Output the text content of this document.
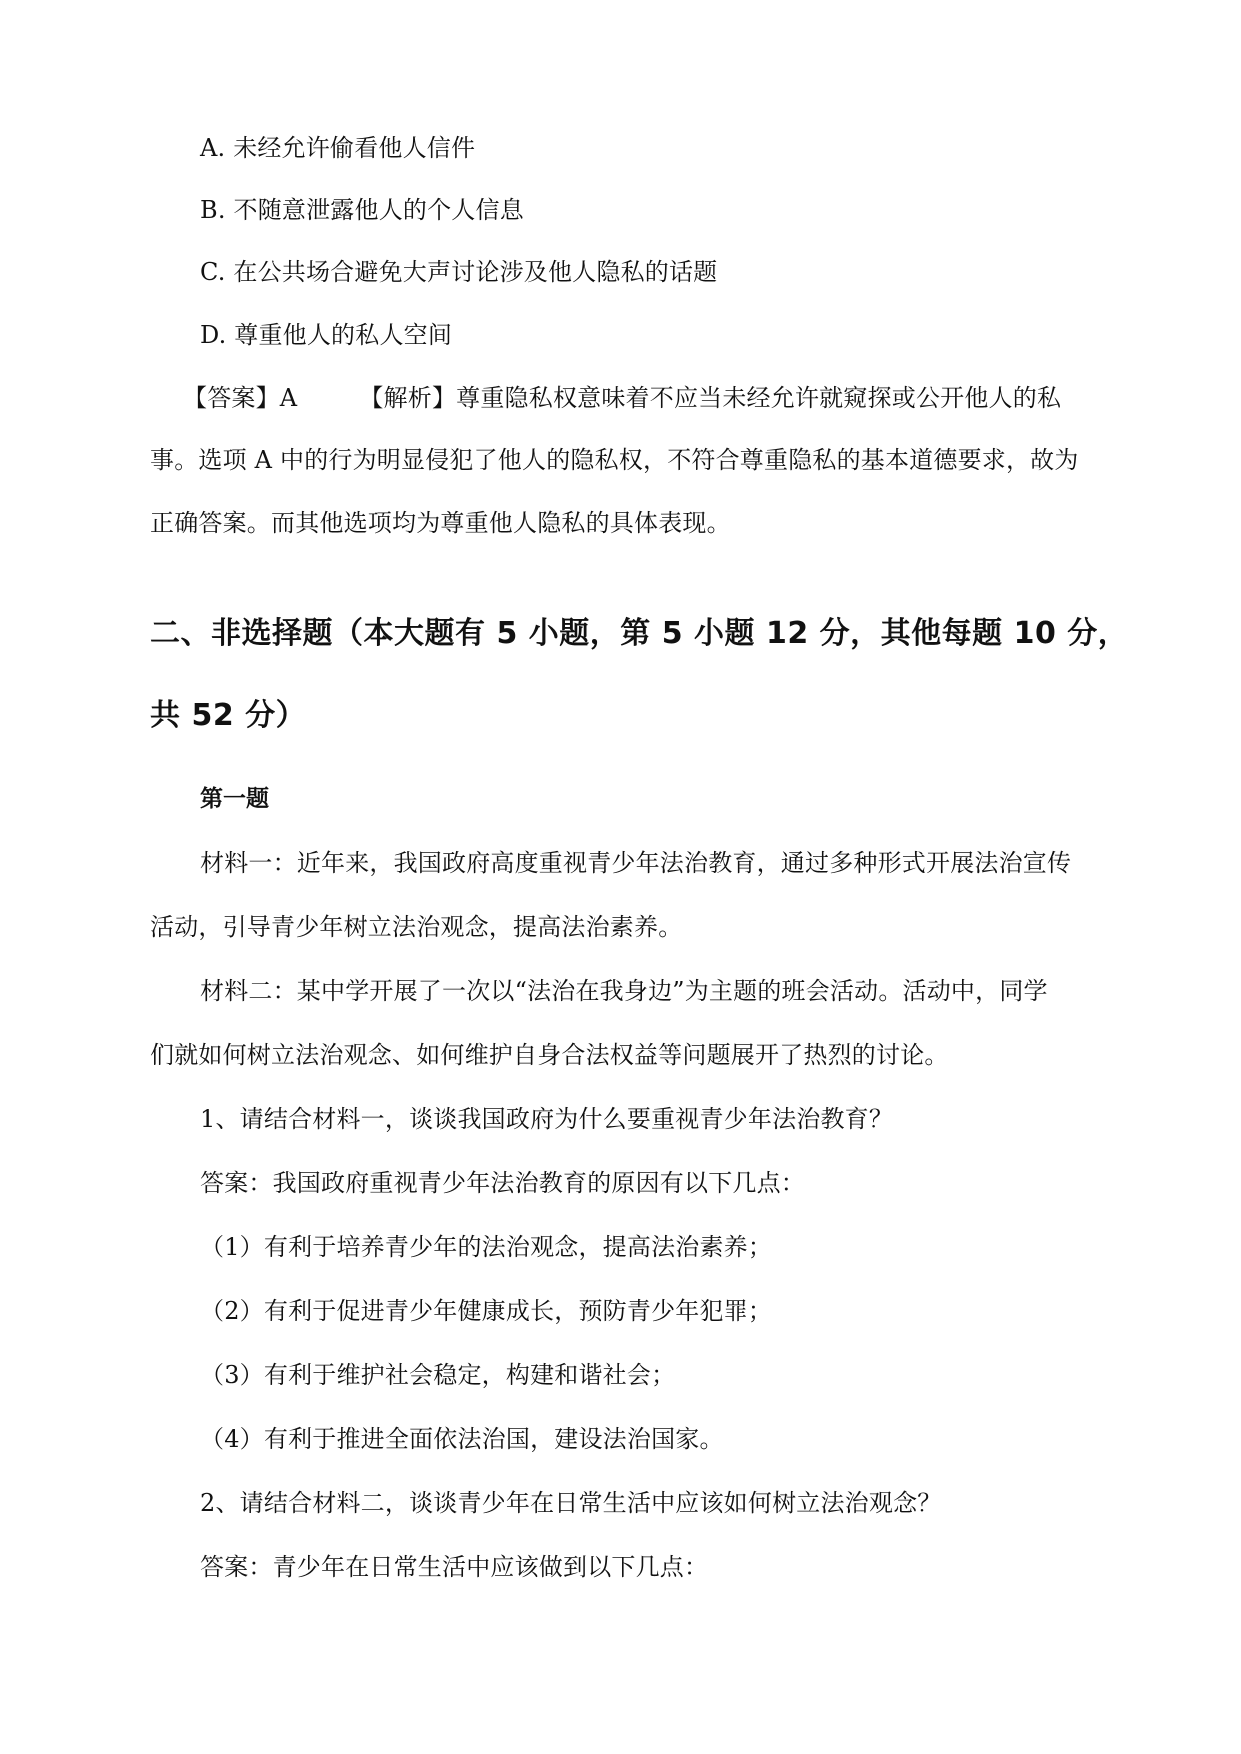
A. 未经允许偷看他人信件
B. 不随意泄露他人的个人信息
C. 在公共场合避免大声讨论涉及他人隐私的话题
D. 尊重他人的私人空间
【答案】A	【解析】尊重隐私权意味着不应当未经允许就窥探或公开他人的私
事。选项 A 中的行为明显侵犯了他人的隐私权，不符合尊重隐私的基本道德要求，故为
正确答案。而其他选项均为尊重他人隐私的具体表现。
二、非选择题（本大题有 5 小题，第 5 小题 12 分，其他每题 10 分，
共 52 分）
第一题
材料一：近年来，我国政府高度重视青少年法治教育，通过多种形式开展法治宣传
活动，引导青少年树立法治观念，提高法治素养。
材料二：某中学开展了一次以“法治在我身边”为主题的班会活动。活动中，同学
们就如何树立法治观念、如何维护自身合法权益等问题展开了热烈的讨论。
1、请结合材料一，谈谈我国政府为什么要重视青少年法治教育？
答案：我国政府重视青少年法治教育的原因有以下几点：
（1）有利于培养青少年的法治观念，提高法治素养；
（2）有利于促进青少年健康成长，预防青少年犯罪；
（3）有利于维护社会稳定，构建和谐社会；
（4）有利于推进全面依法治国，建设法治国家。
2、请结合材料二，谈谈青少年在日常生活中应该如何树立法治观念？
答案：青少年在日常生活中应该做到以下几点：
